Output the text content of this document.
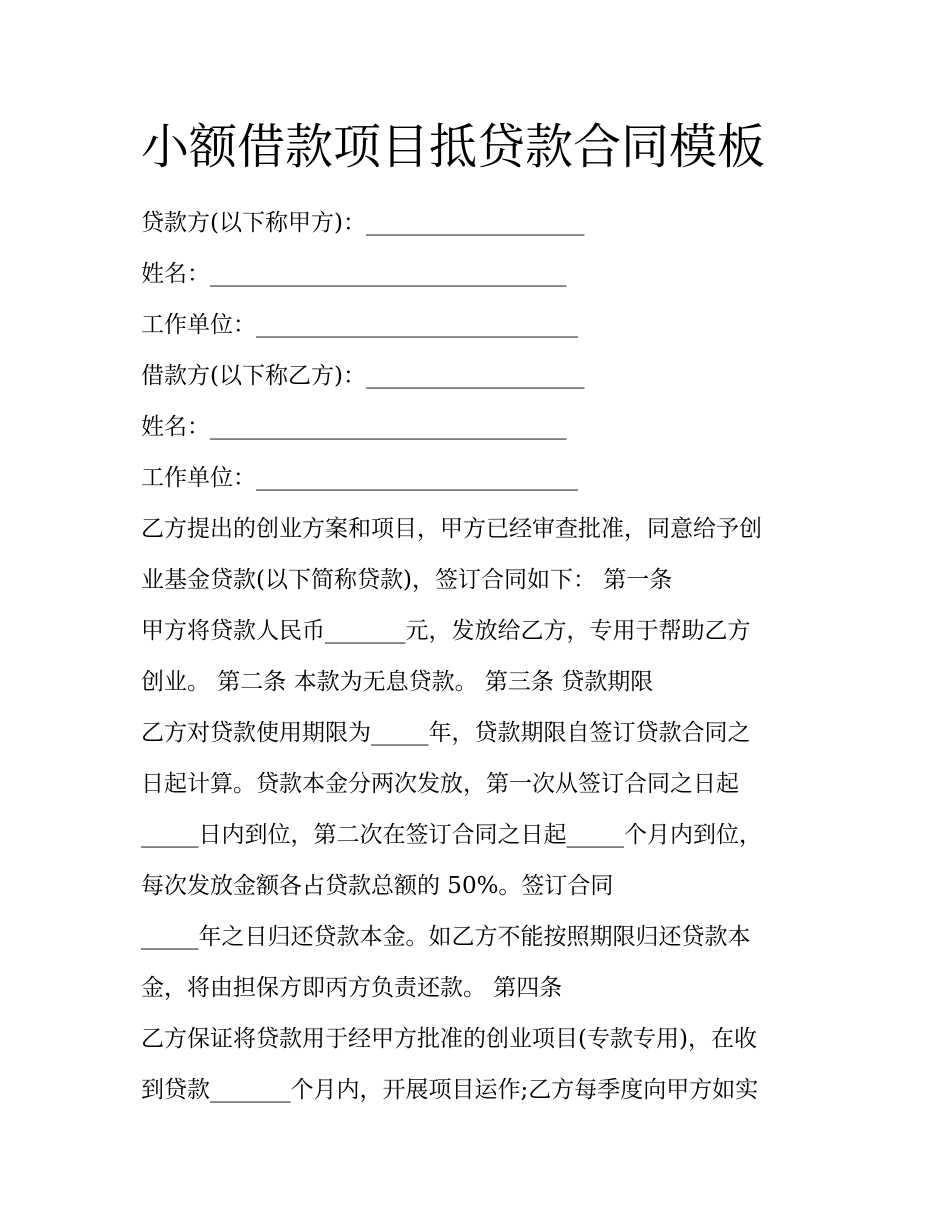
小额借款项目抵贷款合同模板
贷款方(以下称甲方)：___________________
姓名：_______________________________
工作单位：____________________________
借款方(以下称乙方)：___________________
姓名：_______________________________
工作单位：____________________________
乙方提出的创业方案和项目，甲方已经审查批准，同意给予创
业基金贷款(以下简称贷款)，签订合同如下： 第一条
甲方将贷款人民币_______元，发放给乙方，专用于帮助乙方
创业。 第二条 本款为无息贷款。 第三条 贷款期限
乙方对贷款使用期限为_____年，贷款期限自签订贷款合同之
日起计算。贷款本金分两次发放，第一次从签订合同之日起
_____日内到位，第二次在签订合同之日起_____个月内到位，
每次发放金额各占贷款总额的 50%。签订合同
_____年之日归还贷款本金。如乙方不能按照期限归还贷款本
金，将由担保方即丙方负责还款。 第四条
乙方保证将贷款用于经甲方批准的创业项目(专款专用)，在收
到贷款_______个月内，开展项目运作;乙方每季度向甲方如实
